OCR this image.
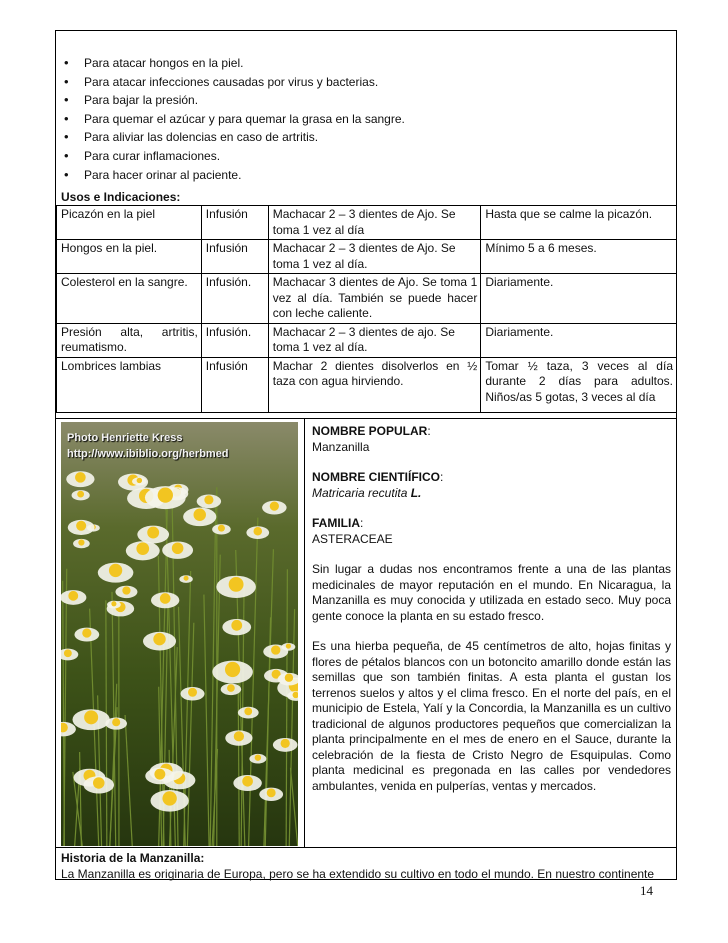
• Para atacar hongos en la piel.
• Para atacar infecciones causadas por virus y bacterias.
• Para bajar la presión.
• Para quemar el azúcar y para quemar la grasa en la sangre.
• Para aliviar las dolencias en caso de artritis.
• Para curar inflamaciones.
• Para hacer orinar al paciente.
Usos e Indicaciones:
Picazón en la piel	Infusión	Machacar 2 – 3 dientes de Ajo. Se toma 1 vez al día	Hasta que se calme la picazón.
Hongos en la piel.	Infusión	Machacar 2 – 3 dientes de Ajo. Se toma 1 vez al día.	Mínimo 5 a 6 meses.
Colesterol en la sangre.	Infusión.	Machacar 3 dientes de Ajo. Se toma 1 vez al día. También se puede hacer con leche caliente.	Diariamente.
Presión alta, artritis, reumatismo.	Infusión.	Machacar 2 – 3 dientes de ajo. Se toma 1 vez al día.	Diariamente.
Lombrices lambias	Infusión	Machar 2 dientes disolverlos en ½ taza con agua hirviendo.	Tomar ½ taza, 3 veces al día durante 2 días para adultos. Niños/as 5 gotas, 3 veces al día
Photo Henriette Kress
http://www.ibiblio.org/herbmed

NOMBRE POPULAR:

Manzanilla

NOMBRE CIENTIÍFICO:

Matricaria recutita L.

FAMILIA:

ASTERACEAE

Sin lugar a dudas nos encontramos frente a una de las plantas medicinales de mayor reputación en el mundo. En Nicaragua, la Manzanilla es muy conocida y utilizada en estado seco. Muy poca gente conoce la planta en su estado fresco.

Es una hierba pequeña, de 45 centímetros de alto, hojas finitas y flores de pétalos blancos con un botoncito amarillo donde están las semillas que son también finitas. A esta planta el gustan los terrenos suelos y altos y el clima fresco. En el norte del país, en el municipio de Estela, Yalí y la Concordia, la Manzanilla es un cultivo tradicional de algunos productores pequeños que comercializan la planta principalmente en el mes de enero en el Sauce, durante la celebración de la fiesta de Cristo Negro de Esquipulas. Como planta medicinal es pregonada en las calles por vendedores ambulantes, venida en pulperías, ventas y mercados.

Historia de la Manzanilla:
La Manzanilla es originaria de Europa, pero se ha extendido su cultivo en todo el mundo. En nuestro continente
14
